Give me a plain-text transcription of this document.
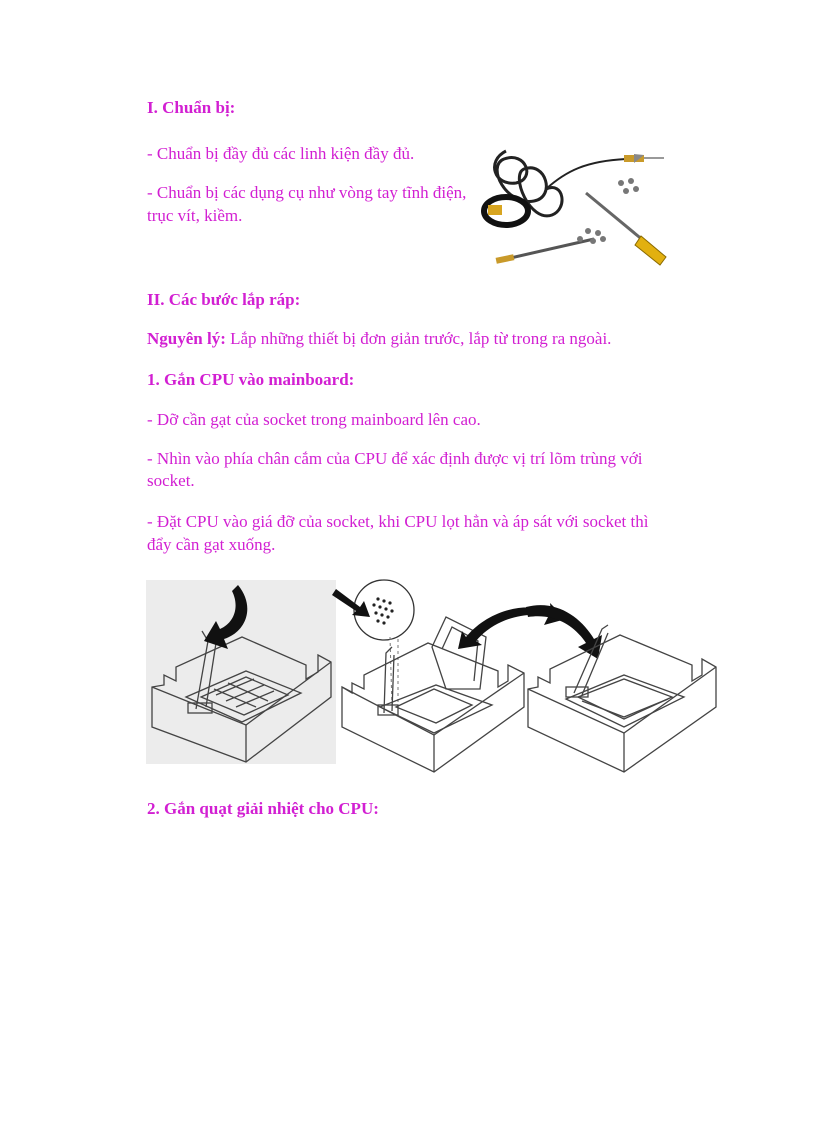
I. Chuẩn bị:

- Chuẩn bị đầy đủ các linh kiện đầy đủ.

- Chuẩn bị các dụng cụ như vòng tay tĩnh điện,

trục vít, kiềm.

II. Các bước lắp ráp:

Nguyên lý: Lắp những thiết bị đơn giản trước, lắp từ trong ra ngoài.

1. Gắn CPU vào mainboard:

- Dỡ cần gạt của socket trong mainboard lên cao.

- Nhìn vào phía chân cắm của CPU để xác định được vị trí lõm trùng với

socket.

- Đặt CPU vào giá đỡ của socket, khi CPU lọt hẳn và áp sát với socket thì

đẩy cần gạt xuống.

2. Gắn quạt giải nhiệt cho CPU:
